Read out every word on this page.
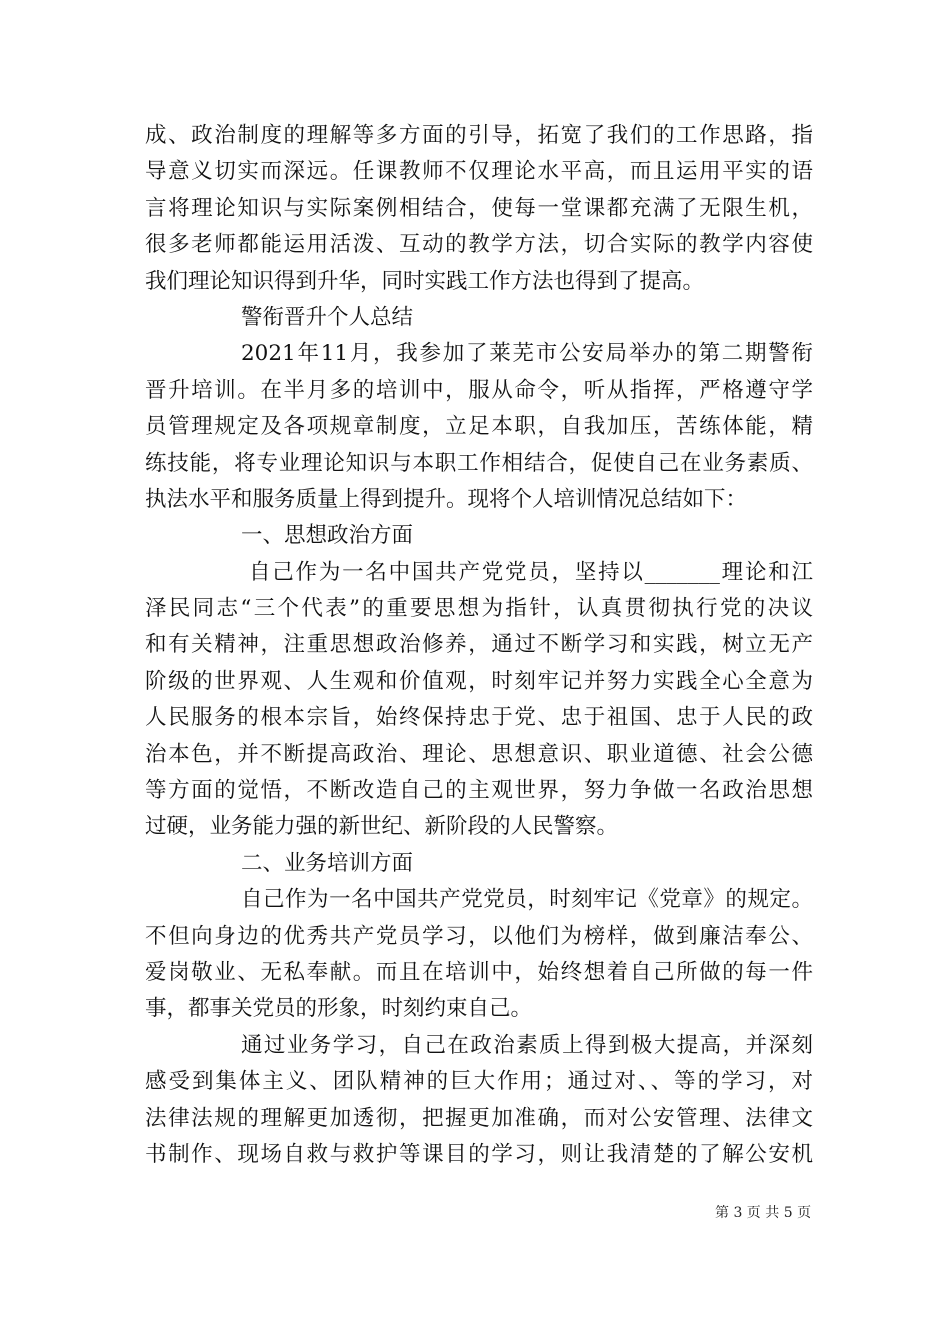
成、政治制度的理解等多方面的引导，拓宽了我们的工作思路，指
导意义切实而深远。任课教师不仅理论水平高，而且运用平实的语
言将理论知识与实际案例相结合，使每一堂课都充满了无限生机，
很多老师都能运用活泼、互动的教学方法，切合实际的教学内容使
我们理论知识得到升华，同时实践工作方法也得到了提高。
警衔晋升个人总结
2021年11月，我参加了莱芜市公安局举办的第二期警衔
晋升培训。在半月多的培训中，服从命令，听从指挥，严格遵守学
员管理规定及各项规章制度，立足本职，自我加压，苦练体能，精
练技能，将专业理论知识与本职工作相结合，促使自己在业务素质、
执法水平和服务质量上得到提升。现将个人培训情况总结如下：
一、思想政治方面
自己作为一名中国共产党党员，坚持以_______理论和江
泽民同志“三个代表”的重要思想为指针，认真贯彻执行党的决议
和有关精神，注重思想政治修养，通过不断学习和实践，树立无产
阶级的世界观、人生观和价值观，时刻牢记并努力实践全心全意为
人民服务的根本宗旨，始终保持忠于党、忠于祖国、忠于人民的政
治本色，并不断提高政治、理论、思想意识、职业道德、社会公德
等方面的觉悟，不断改造自己的主观世界，努力争做一名政治思想
过硬，业务能力强的新世纪、新阶段的人民警察。
二、业务培训方面
自己作为一名中国共产党党员，时刻牢记《党章》的规定。
不但向身边的优秀共产党员学习，以他们为榜样，做到廉洁奉公、
爱岗敬业、无私奉献。而且在培训中，始终想着自己所做的每一件
事，都事关党员的形象，时刻约束自己。
通过业务学习，自己在政治素质上得到极大提高，并深刻
感受到集体主义、团队精神的巨大作用；通过对、、等的学习，对
法律法规的理解更加透彻，把握更加准确，而对公安管理、法律文
书制作、现场自救与救护等课目的学习，则让我清楚的了解公安机
第 3 页 共 5 页
